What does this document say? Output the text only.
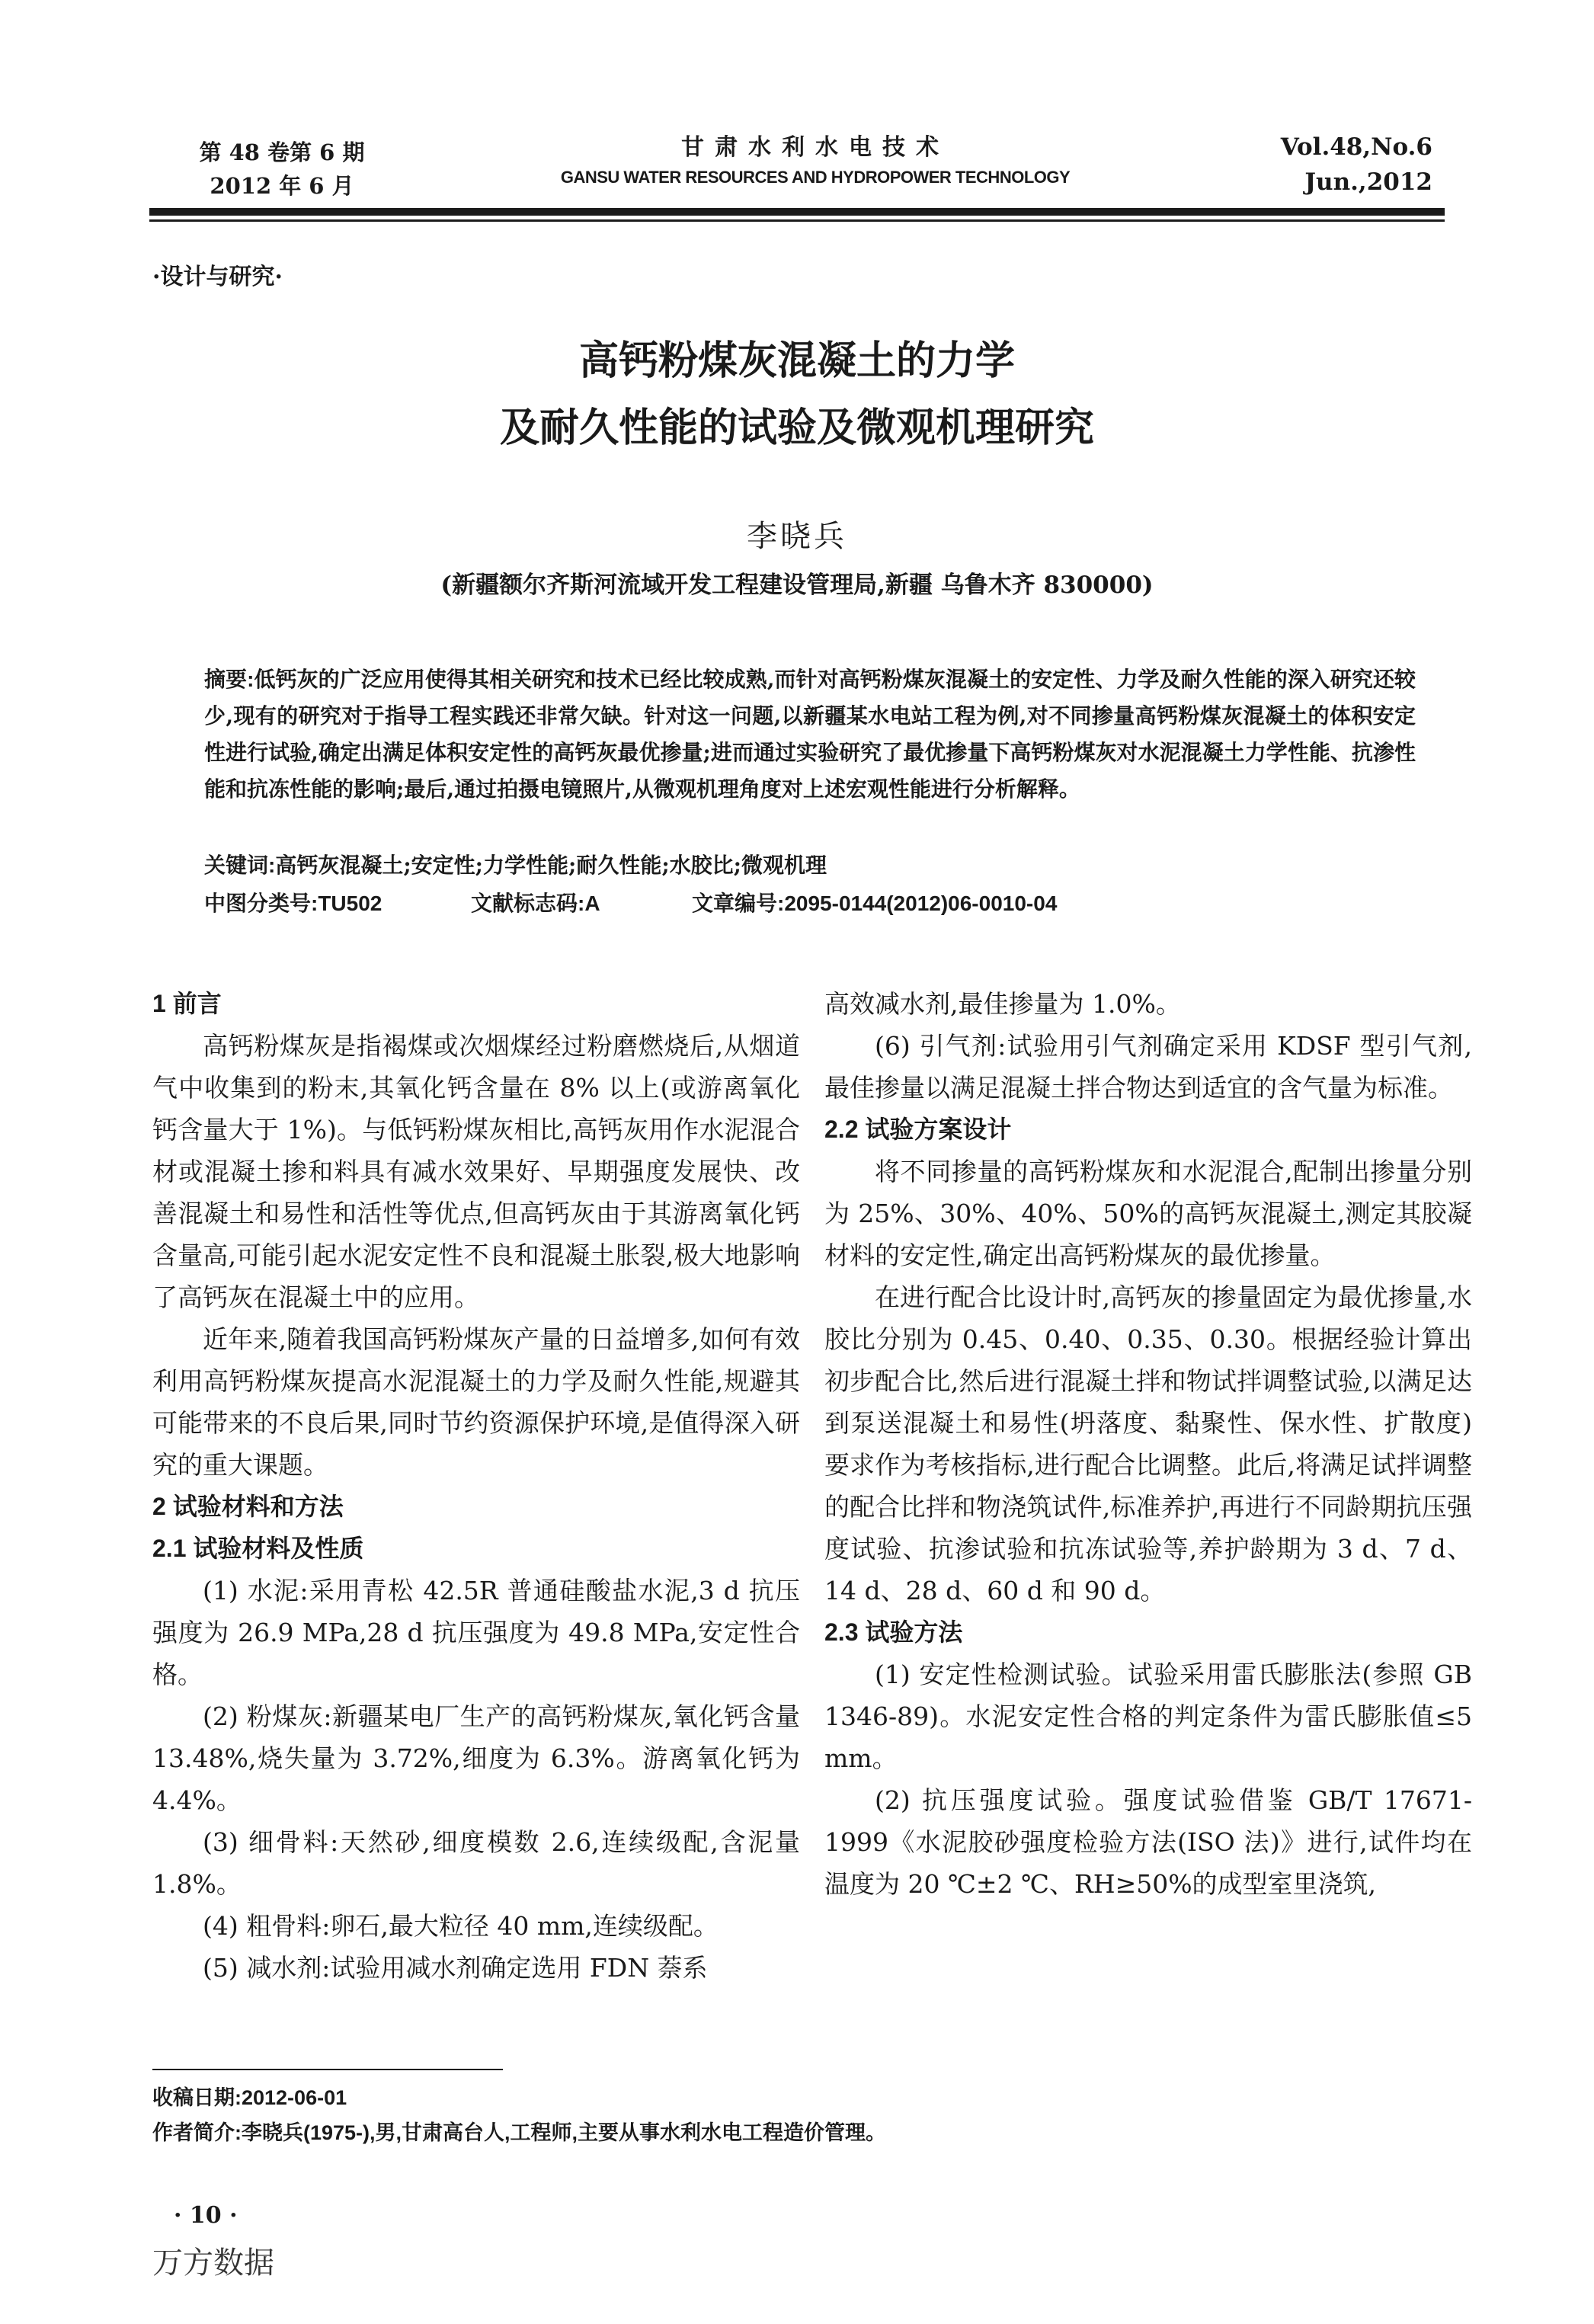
第 48 卷第 6 期
2012 年 6 月
甘肃水利水电技术
GANSU WATER RESOURCES AND HYDROPOWER TECHNOLOGY
Vol.48,No.6
Jun.,2012
·设计与研究·
高钙粉煤灰混凝土的力学
及耐久性能的试验及微观机理研究
李晓兵
(新疆额尔齐斯河流域开发工程建设管理局,新疆 乌鲁木齐 830000)
摘要:低钙灰的广泛应用使得其相关研究和技术已经比较成熟,而针对高钙粉煤灰混凝土的安定性、力学及耐久性能的深入研究还较少,现有的研究对于指导工程实践还非常欠缺。针对这一问题,以新疆某水电站工程为例,对不同掺量高钙粉煤灰混凝土的体积安定性进行试验,确定出满足体积安定性的高钙灰最优掺量;进而通过实验研究了最优掺量下高钙粉煤灰对水泥混凝土力学性能、抗渗性能和抗冻性能的影响;最后,通过拍摄电镜照片,从微观机理角度对上述宏观性能进行分析解释。
关键词:高钙灰混凝土;安定性;力学性能;耐久性能;水胶比;微观机理
中图分类号:TU502	文献标志码:A	文章编号:2095-0144(2012)06-0010-04

1 前言

高钙粉煤灰是指褐煤或次烟煤经过粉磨燃烧后,从烟道气中收集到的粉末,其氧化钙含量在 8% 以上(或游离氧化钙含量大于 1%)。与低钙粉煤灰相比,高钙灰用作水泥混合材或混凝土掺和料具有减水效果好、早期强度发展快、改善混凝土和易性和活性等优点,但高钙灰由于其游离氧化钙含量高,可能引起水泥安定性不良和混凝土胀裂,极大地影响了高钙灰在混凝土中的应用。

近年来,随着我国高钙粉煤灰产量的日益增多,如何有效利用高钙粉煤灰提高水泥混凝土的力学及耐久性能,规避其可能带来的不良后果,同时节约资源保护环境,是值得深入研究的重大课题。

2 试验材料和方法

2.1 试验材料及性质

(1) 水泥:采用青松 42.5R 普通硅酸盐水泥,3 d 抗压强度为 26.9 MPa,28 d 抗压强度为 49.8 MPa,安定性合格。

(2) 粉煤灰:新疆某电厂生产的高钙粉煤灰,氧化钙含量 13.48%,烧失量为 3.72%,细度为 6.3%。游离氧化钙为 4.4%。

(3) 细骨料:天然砂,细度模数 2.6,连续级配,含泥量 1.8%。

(4) 粗骨料:卵石,最大粒径 40 mm,连续级配。

(5) 减水剂:试验用减水剂确定选用 FDN 萘系

高效减水剂,最佳掺量为 1.0%。

(6) 引气剂:试验用引气剂确定采用 KDSF 型引气剂,最佳掺量以满足混凝土拌合物达到适宜的含气量为标准。

2.2 试验方案设计

将不同掺量的高钙粉煤灰和水泥混合,配制出掺量分别为 25%、30%、40%、50%的高钙灰混凝土,测定其胶凝材料的安定性,确定出高钙粉煤灰的最优掺量。

在进行配合比设计时,高钙灰的掺量固定为最优掺量,水胶比分别为 0.45、0.40、0.35、0.30。根据经验计算出初步配合比,然后进行混凝土拌和物试拌调整试验,以满足达到泵送混凝土和易性(坍落度、黏聚性、保水性、扩散度)要求作为考核指标,进行配合比调整。此后,将满足试拌调整的配合比拌和物浇筑试件,标准养护,再进行不同龄期抗压强度试验、抗渗试验和抗冻试验等,养护龄期为 3 d、7 d、14 d、28 d、60 d 和 90 d。

2.3 试验方法

(1) 安定性检测试验。试验采用雷氏膨胀法(参照 GB 1346-89)。水泥安定性合格的判定条件为雷氏膨胀值≤5 mm。

(2) 抗压强度试验。强度试验借鉴 GB/T 17671-1999《水泥胶砂强度检验方法(ISO 法)》进行,试件均在温度为 20 ℃±2 ℃、RH≥50%的成型室里浇筑,

收稿日期:2012-06-01
作者简介:李晓兵(1975-),男,甘肃高台人,工程师,主要从事水利水电工程造价管理。
· 10 ·
万方数据
